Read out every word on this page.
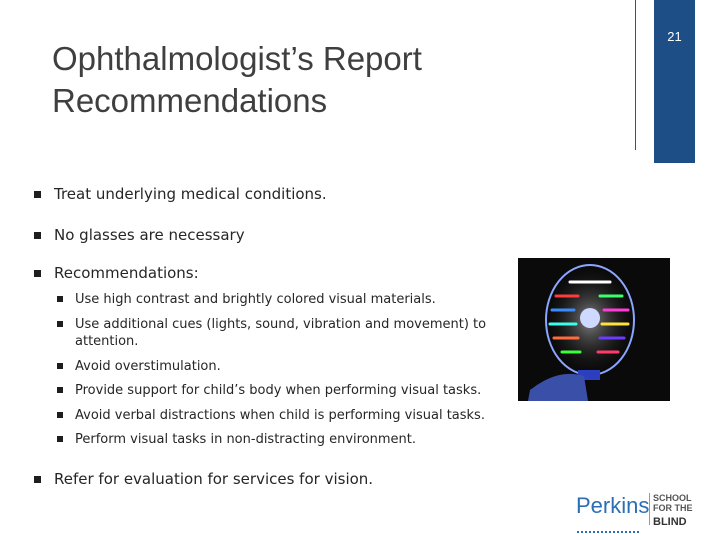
Ophthalmologist’s Report
Recommendations
21
Treat underlying medical conditions.
No glasses are necessary
Recommendations:
Use high contrast and brightly colored visual materials.
Use additional cues (lights, sound, vibration and movement) to
attention.
Avoid overstimulation.
Provide support for child’s body when performing visual tasks.
Avoid verbal distractions when child is performing visual tasks.
Perform visual tasks in non-distracting environment.
Refer for evaluation for services for vision.
Perkins SCHOOL
FOR THE
BLIND
